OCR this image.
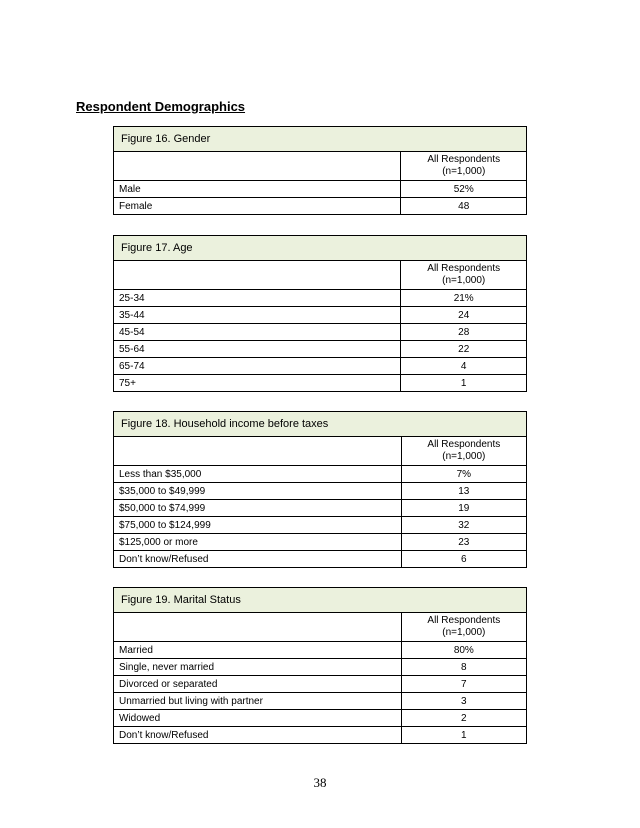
Respondent Demographics
Figure 16. Gender	
	All Respondents
(n=1,000)
Male	52%
Female	48
Figure 17. Age	
	All Respondents
(n=1,000)
25-34	21%
35-44	24
45-54	28
55-64	22
65-74	4
75+	1
Figure 18. Household income before taxes	
	All Respondents
(n=1,000)
Less than $35,000	7%
$35,000 to $49,999	13
$50,000 to $74,999	19
$75,000 to $124,999	32
$125,000 or more	23
Don’t know/Refused	6
Figure 19. Marital Status	
	All Respondents
(n=1,000)
Married	80%
Single, never married	8
Divorced or separated	7
Unmarried but living with partner	3
Widowed	2
Don’t know/Refused	1
38
